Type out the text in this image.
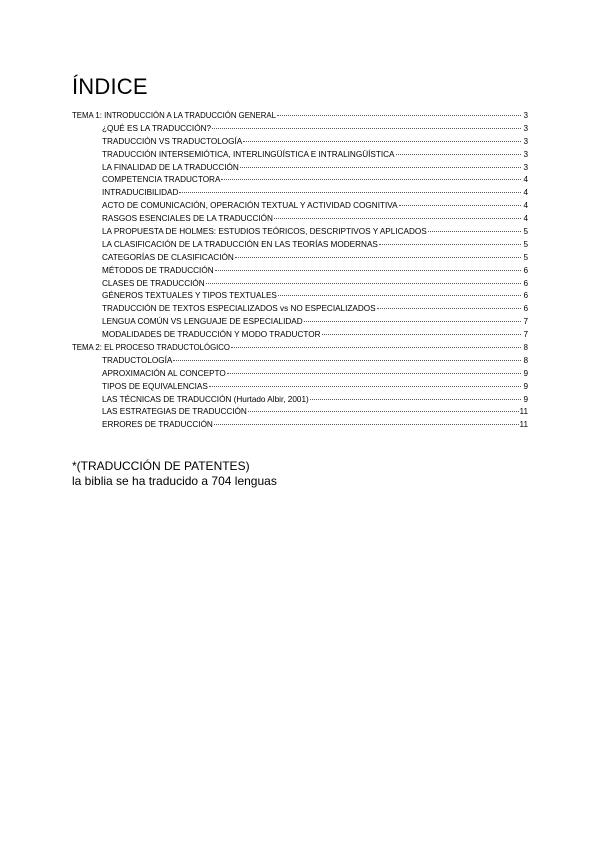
ÍNDICE
TEMA 1: INTRODUCCIÓN A LA TRADUCCIÓN GENERAL	3
¿QUÉ ES LA TRADUCCIÓN?	3
TRADUCCIÓN VS TRADUCTOLOGÍA	3
TRADUCCIÓN INTERSEMIÓTICA, INTERLINGÜÍSTICA E INTRALINGÜÍSTICA	3
LA FINALIDAD DE LA TRADUCCIÓN	3
COMPETENCIA TRADUCTORA	4
INTRADUCIBILIDAD	4
ACTO DE COMUNICACIÓN, OPERACIÓN TEXTUAL Y ACTIVIDAD COGNITIVA	4
RASGOS ESENCIALES DE LA TRADUCCIÓN	4
LA PROPUESTA DE HOLMES: ESTUDIOS TEÓRICOS, DESCRIPTIVOS Y APLICADOS	5
LA CLASIFICACIÓN DE LA TRADUCCIÓN EN LAS TEORÍAS MODERNAS	5
CATEGORÍAS DE CLASIFICACIÓN	5
MÉTODOS DE TRADUCCIÓN	6
CLASES DE TRADUCCIÓN	6
GÉNEROS TEXTUALES Y TIPOS TEXTUALES	6
TRADUCCIÓN DE TEXTOS ESPECIALIZADOS vs NO ESPECIALIZADOS	6
LENGUA COMÚN VS LENGUAJE DE ESPECIALIDAD	7
MODALIDADES DE TRADUCCIÓN Y MODO TRADUCTOR	7
TEMA 2: EL PROCESO TRADUCTOLÓGICO	8
TRADUCTOLOGÍA	8
APROXIMACIÓN AL CONCEPTO	9
TIPOS DE EQUIVALENCIAS	9
LAS TÉCNICAS DE TRADUCCIÓN (Hurtado Albir, 2001)	9
LAS ESTRATEGIAS DE TRADUCCIÓN	11
ERRORES DE TRADUCCIÓN	11
*(TRADUCCIÓN DE PATENTES)
la biblia se ha traducido a 704 lenguas
